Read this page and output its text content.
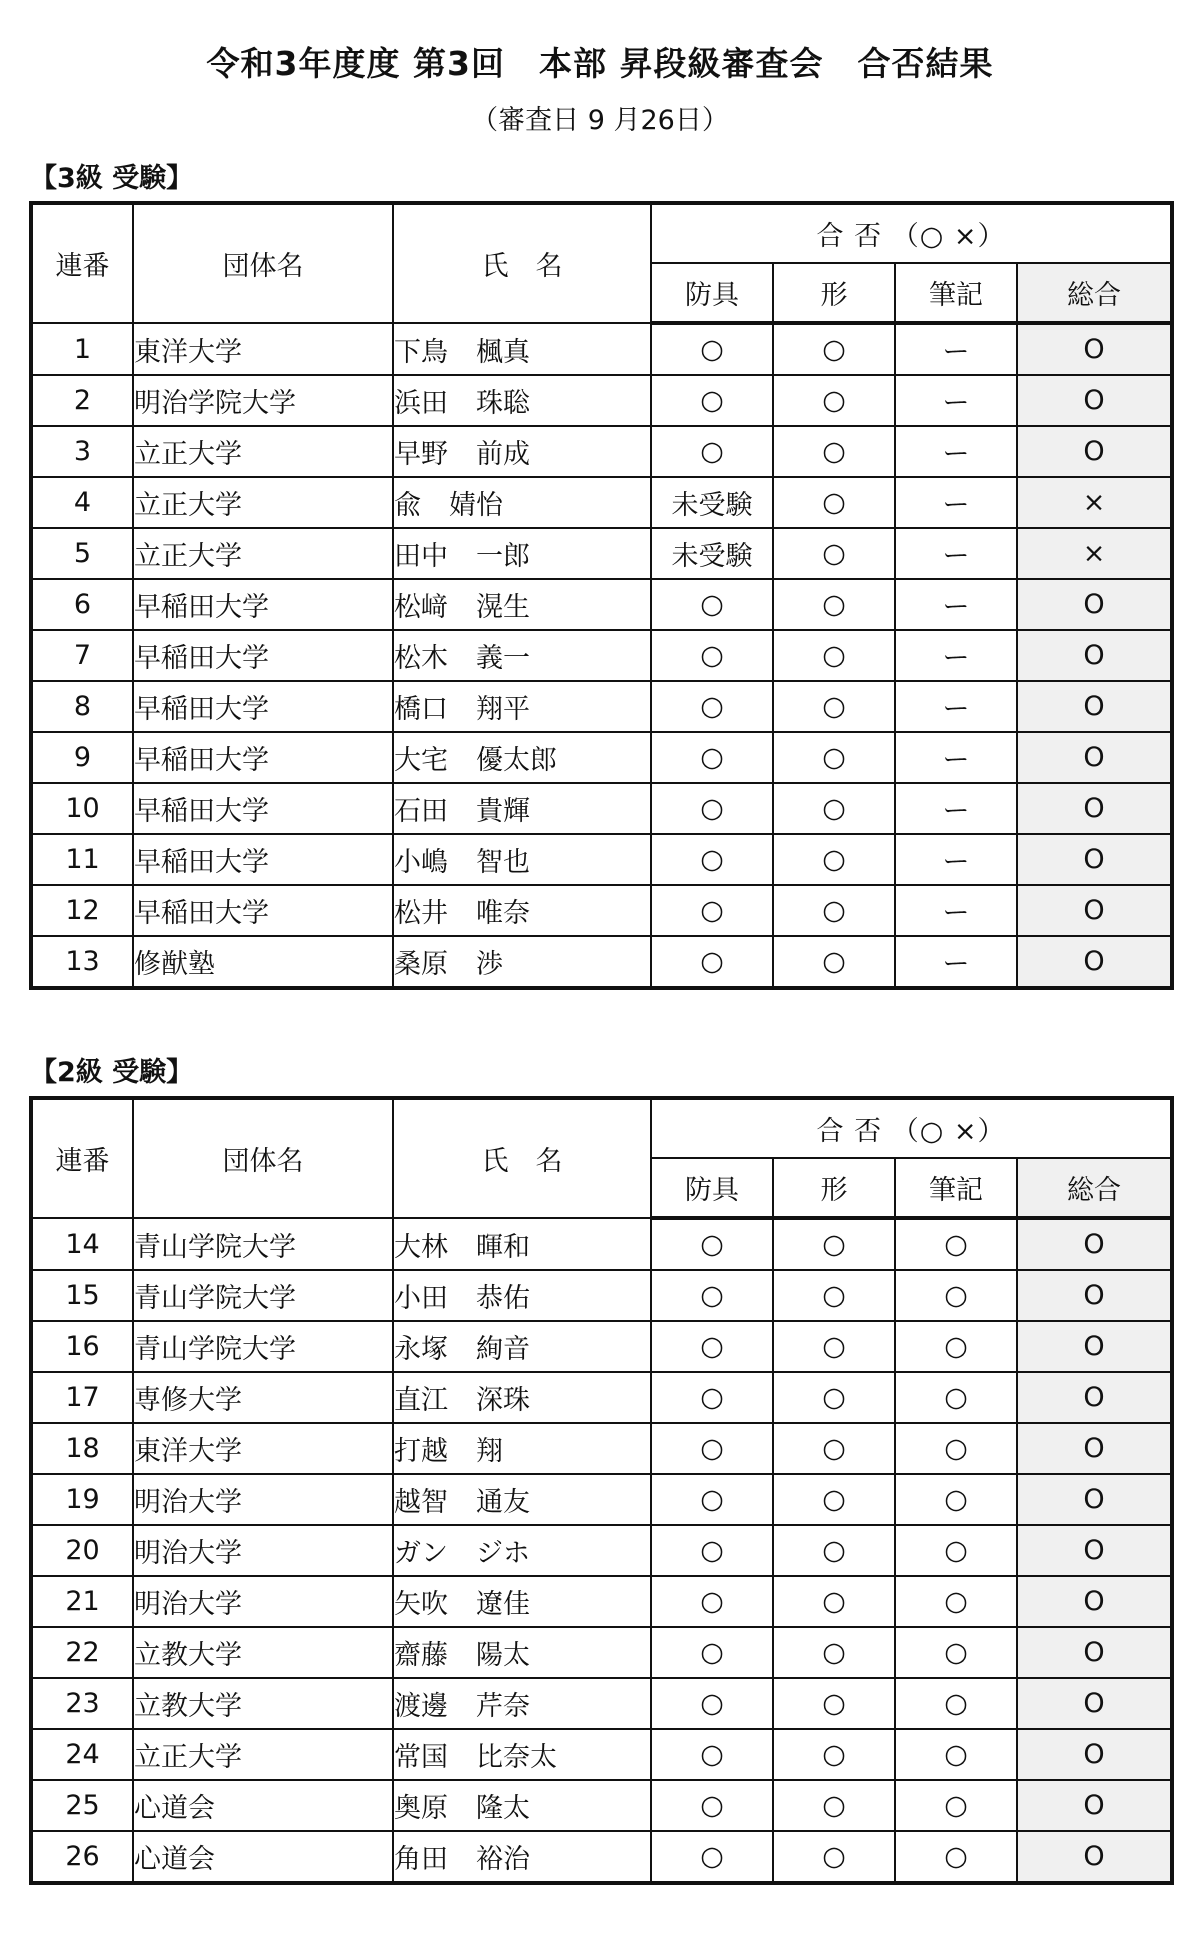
令和3年度度 第3回　本部 昇段級審査会　合否結果
（審査日 9 月26日）
【3級 受験】
連番	団体名	氏　名	合 否 （○ ×）			
			防具	形	筆記	総合
1	東洋大学	下鳥 楓真	○	○	ー	O
2	明治学院大学	浜田 珠聡	○	○	ー	O
3	立正大学	早野 前成	○	○	ー	O
4	立正大学	兪 婧怡	未受験	○	ー	×
5	立正大学	田中 一郎	未受験	○	ー	×
6	早稲田大学	松﨑 滉生	○	○	ー	O
7	早稲田大学	松木 義一	○	○	ー	O
8	早稲田大学	橋口 翔平	○	○	ー	O
9	早稲田大学	大宅 優太郎	○	○	ー	O
10	早稲田大学	石田 貴輝	○	○	ー	O
11	早稲田大学	小嶋 智也	○	○	ー	O
12	早稲田大学	松井 唯奈	○	○	ー	O
13	修猷塾	桑原 渉	○	○	ー	O
【2級 受験】
連番	団体名	氏　名	合 否 （○ ×）			
			防具	形	筆記	総合
14	青山学院大学	大林 暉和	○	○	○	O
15	青山学院大学	小田 恭佑	○	○	○	O
16	青山学院大学	永塚 絢音	○	○	○	O
17	専修大学	直江 深珠	○	○	○	O
18	東洋大学	打越 翔	○	○	○	O
19	明治大学	越智 通友	○	○	○	O
20	明治大学	ガン ジホ	○	○	○	O
21	明治大学	矢吹 遼佳	○	○	○	O
22	立教大学	齋藤 陽太	○	○	○	O
23	立教大学	渡邊 芹奈	○	○	○	O
24	立正大学	常国 比奈太	○	○	○	O
25	心道会	奥原 隆太	○	○	○	O
26	心道会	角田 裕治	○	○	○	O
